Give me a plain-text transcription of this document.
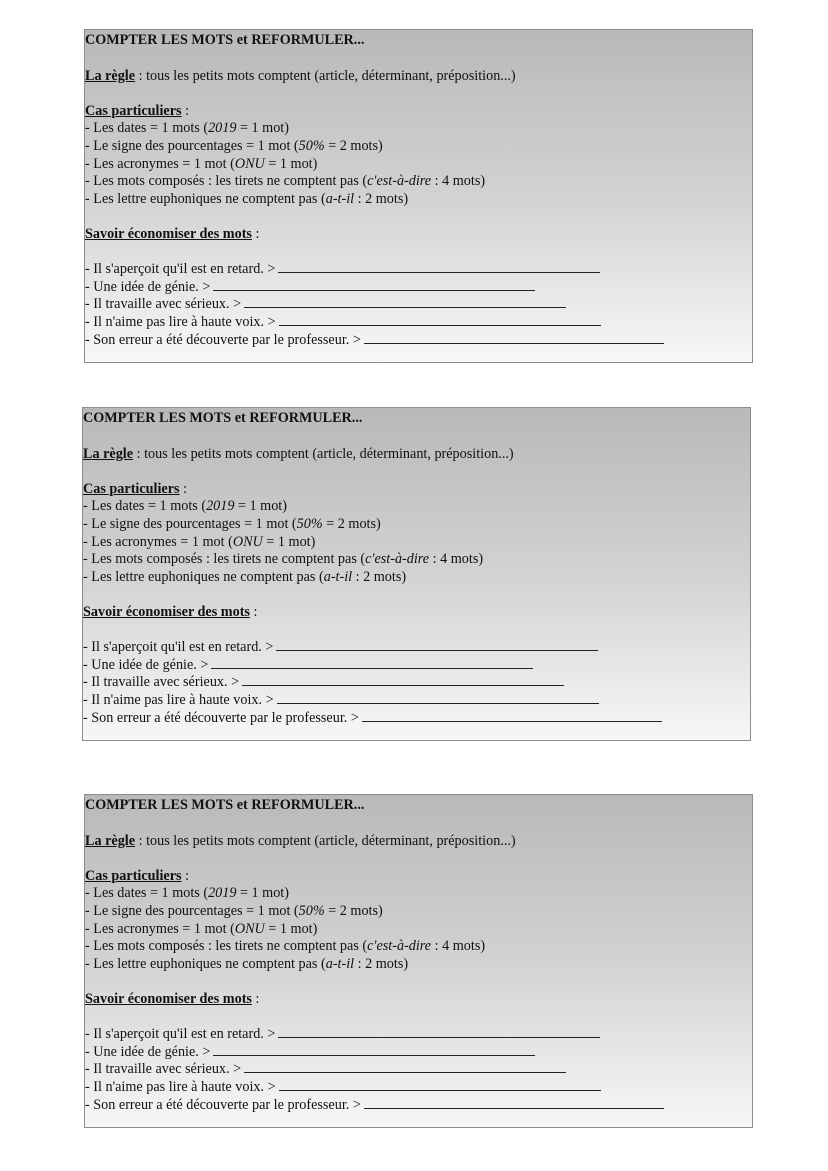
COMPTER LES MOTS et REFORMULER...
La règle : tous les petits mots comptent (article, déterminant, préposition...)
Cas particuliers :
- Les dates = 1 mots (2019 = 1 mot)
- Le signe des pourcentages = 1 mot (50% = 2 mots)
- Les acronymes = 1 mot (ONU = 1 mot)
- Les mots composés : les tirets ne comptent pas (c'est-à-dire : 4 mots)
- Les lettre euphoniques ne comptent pas (a-t-il : 2 mots)
Savoir économiser des mots :
- Il s'aperçoit qu'il est en retard. >
- Une idée de génie. >
- Il travaille avec sérieux. >
- Il n'aime pas lire à haute voix. >
- Son erreur a été découverte par le professeur. >
COMPTER LES MOTS et REFORMULER...
La règle : tous les petits mots comptent (article, déterminant, préposition...)
Cas particuliers :
- Les dates = 1 mots (2019 = 1 mot)
- Le signe des pourcentages = 1 mot (50% = 2 mots)
- Les acronymes = 1 mot (ONU = 1 mot)
- Les mots composés : les tirets ne comptent pas (c'est-à-dire : 4 mots)
- Les lettre euphoniques ne comptent pas (a-t-il : 2 mots)
Savoir économiser des mots :
- Il s'aperçoit qu'il est en retard. >
- Une idée de génie. >
- Il travaille avec sérieux. >
- Il n'aime pas lire à haute voix. >
- Son erreur a été découverte par le professeur. >
COMPTER LES MOTS et REFORMULER...
La règle : tous les petits mots comptent (article, déterminant, préposition...)
Cas particuliers :
- Les dates = 1 mots (2019 = 1 mot)
- Le signe des pourcentages = 1 mot (50% = 2 mots)
- Les acronymes = 1 mot (ONU = 1 mot)
- Les mots composés : les tirets ne comptent pas (c'est-à-dire : 4 mots)
- Les lettre euphoniques ne comptent pas (a-t-il : 2 mots)
Savoir économiser des mots :
- Il s'aperçoit qu'il est en retard. >
- Une idée de génie. >
- Il travaille avec sérieux. >
- Il n'aime pas lire à haute voix. >
- Son erreur a été découverte par le professeur. >
